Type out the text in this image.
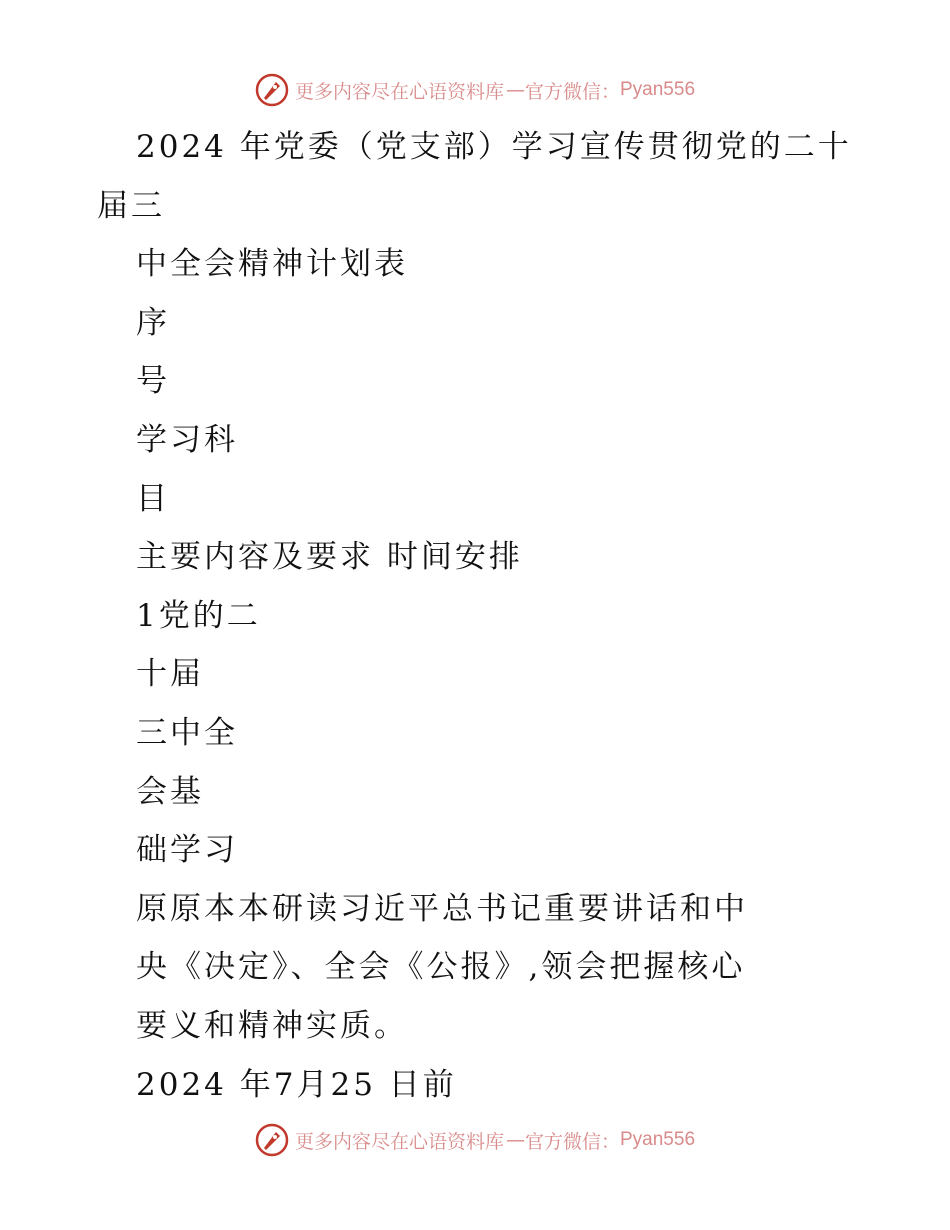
更多内容尽在心语资料库 — 官方微信： Pyan556
2024 年党委（党支部）学习宣传贯彻党的二十
届三
中全会精神计划表
序
号
学习科
目
主要内容及要求 时间安排
1党的二
十届
三中全
会基
础学习
原原本本研读习近平总书记重要讲话和中
央《决定》、全会《公报》,领会把握核心
要义和精神实质。
2024 年7月25 日前
更多内容尽在心语资料库 — 官方微信： Pyan556
